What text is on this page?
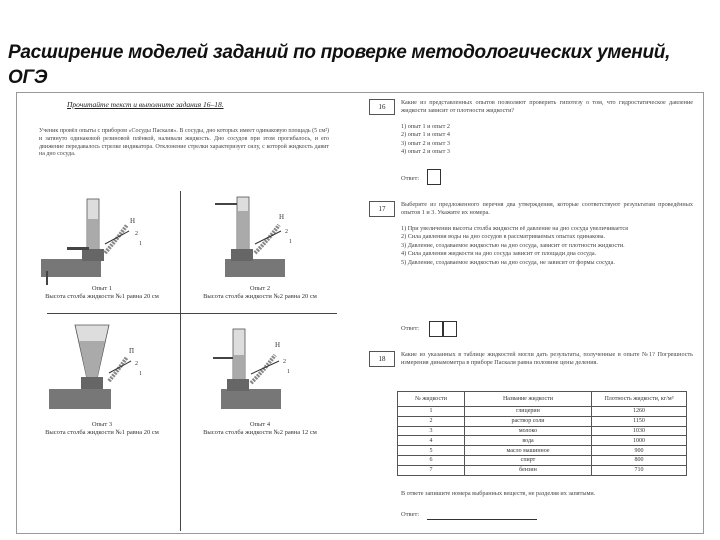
Расширение моделей заданий по проверке методологических умений, ОГЭ
Прочитайте текст и выполните задания 16–18.
Ученик провёл опыты с прибором «Сосуды Паскаля». В сосуды, дно которых имеет одинаковую площадь (5 см²) и затянуто одинаковой резиновой плёнкой, наливали жидкость. Дно сосудов при этом прогибалось, и его движение передавалось стрелке индикатора. Отклонение стрелки характеризует силу, с которой жидкость давит на дно сосуда.
Н
2
1
Опыт 1
Высота столба жидкости №1 равна 20 см
Н
2
1
Опыт 2
Высота столба жидкости №2 равна 20 см
П
2
1
Опыт 3
Высота столба жидкости №1 равна 20 см
Н
2
1
Опыт 4
Высота столба жидкости №2 равна 12 см
16
Какие из представленных опытов позволяют проверить гипотезу о том, что гидростатическое давление жидкости зависит от плотности жидкости?
1) опыт 1 и опыт 2
2) опыт 1 и опыт 4
3) опыт 2 и опыт 3
4) опыт 2 и опыт 3
Ответ:
17
Выберите из предложенного перечня два утверждения, которые соответствуют результатам проведённых опытов 1 и 3. Укажите их номера.
1) При увеличении высоты столба жидкости её давление на дно сосуда увеличивается
2) Сила давления воды на дно сосудов в рассматриваемых опытах одинакова.
3) Давление, создаваемое жидкостью на дно сосуда, зависит от плотности жидкости.
4) Сила давления жидкости на дно сосуда зависит от площади дна сосуда.
5) Давление, создаваемое жидкостью на дно сосуда, не зависит от формы сосуда.
Ответ:
18
Какие из указанных в таблице жидкостей могли дать результаты, полученные в опыте №1? Погрешность измерения динамометра в приборе Паскаля равна половине цены деления.
№ жидкости	Название жидкости	Плотность жидкости, кг/м³
1	глицерин	1260
2	раствор соли	1150
3	молоко	1030
4	вода	1000
5	масло машинное	900
6	спирт	800
7	бензин	710
В ответе запишите номера выбранных веществ, не разделяя их запятыми.
Ответ:
